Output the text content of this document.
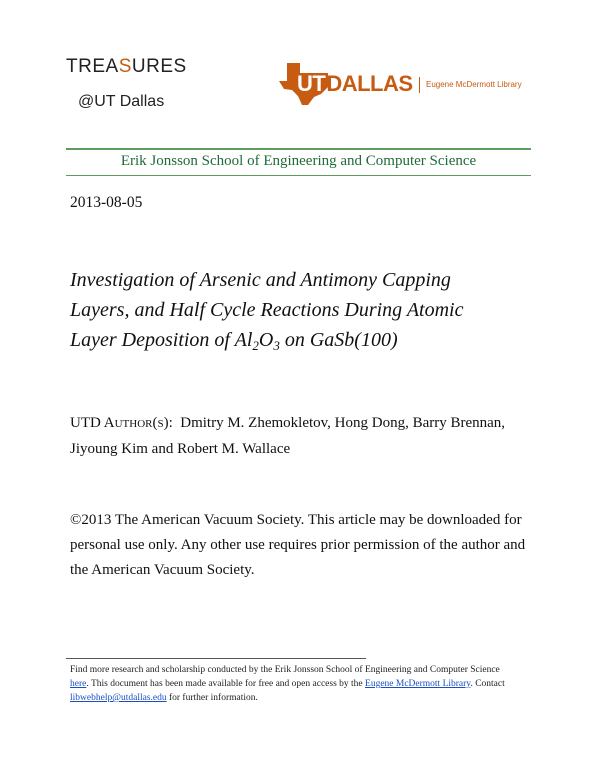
TREASURES
@UT Dallas
UTDALLAS Eugene McDermott Library
Erik Jonsson School of Engineering and Computer Science
2013-08-05
Investigation of Arsenic and Antimony Capping
Layers, and Half Cycle Reactions During Atomic
Layer Deposition of $Al_2O_3$ on GaSb(100)
UTD Author(s): Dmitry M. Zhemokletov, Hong Dong, Barry Brennan, Jiyoung Kim and Robert M. Wallace
©2013 The American Vacuum Society. This article may be downloaded for personal use only. Any other use requires prior permission of the author and the American Vacuum Society.
Find more research and scholarship conducted by the Erik Jonsson School of Engineering and Computer Science
here. This document has been made available for free and open access by the Eugene McDermott Library. Contact
libwebhelp@utdallas.edu for further information.
